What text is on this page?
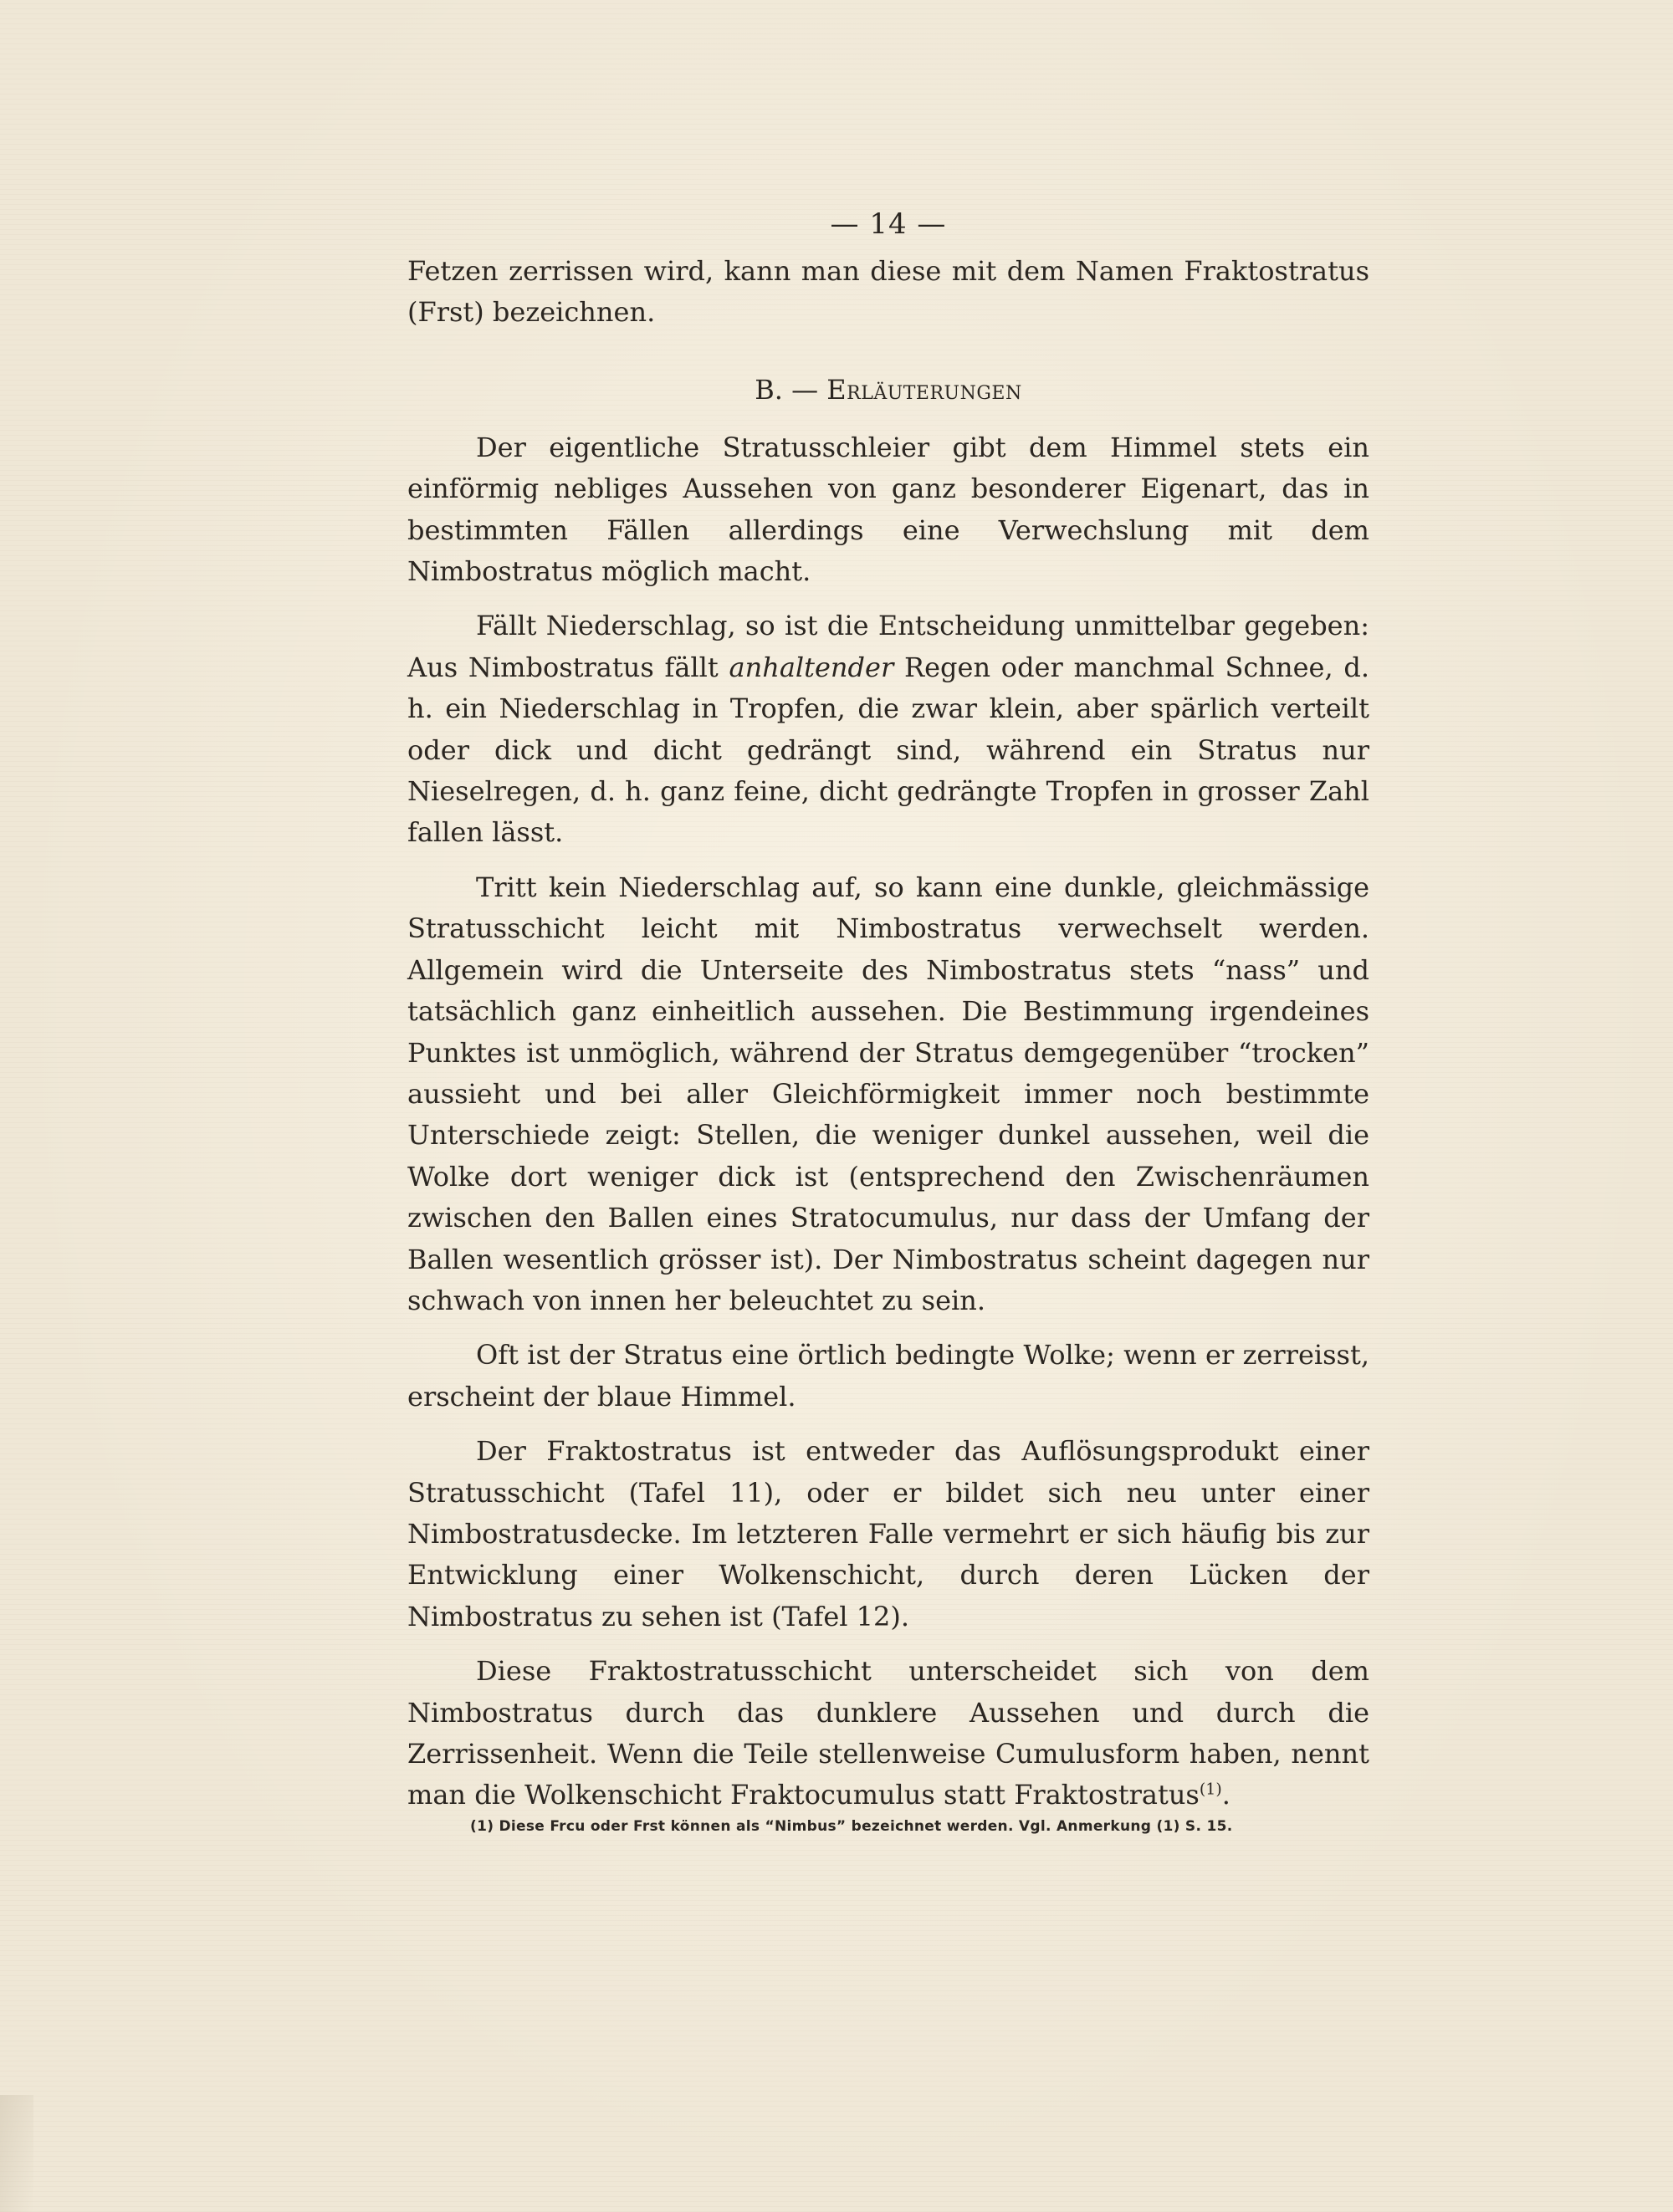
— 14 —

Fetzen zerrissen wird, kann man diese mit dem Namen Fraktostratus (Frst) bezeichnen.

B. — Erläuterungen

Der eigentliche Stratusschleier gibt dem Himmel stets ein einförmig nebliges Aussehen von ganz besonderer Eigenart, das in bestimmten Fällen allerdings eine Verwechslung mit dem Nimbostratus möglich macht.

Fällt Niederschlag, so ist die Entscheidung unmittelbar gegeben: Aus Nimbostratus fällt anhaltender Regen oder manchmal Schnee, d. h. ein Niederschlag in Tropfen, die zwar klein, aber spärlich verteilt oder dick und dicht gedrängt sind, während ein Stratus nur Nieselregen, d. h. ganz feine, dicht gedrängte Tropfen in grosser Zahl fallen lässt.

Tritt kein Niederschlag auf, so kann eine dunkle, gleichmässige Stratusschicht leicht mit Nimbostratus verwechselt werden. Allgemein wird die Unterseite des Nimbostratus stets “nass” und tatsächlich ganz einheitlich aussehen. Die Bestimmung irgendeines Punktes ist unmöglich, während der Stratus demgegenüber “trocken” aussieht und bei aller Gleichförmigkeit immer noch bestimmte Unterschiede zeigt: Stellen, die weniger dunkel aussehen, weil die Wolke dort weniger dick ist (entsprechend den Zwischenräumen zwischen den Ballen eines Stratocumulus, nur dass der Umfang der Ballen wesentlich grösser ist). Der Nimbostratus scheint dagegen nur schwach von innen her beleuchtet zu sein.

Oft ist der Stratus eine örtlich bedingte Wolke; wenn er zerreisst, erscheint der blaue Himmel.

Der Fraktostratus ist entweder das Auflösungsprodukt einer Stratusschicht (Tafel 11), oder er bildet sich neu unter einer Nimbostratusdecke. Im letzteren Falle vermehrt er sich häufig bis zur Entwicklung einer Wolkenschicht, durch deren Lücken der Nimbostratus zu sehen ist (Tafel 12).

Diese Fraktostratusschicht unterscheidet sich von dem Nimbostratus durch das dunklere Aussehen und durch die Zerrissenheit. Wenn die Teile stellenweise Cumulusform haben, nennt man die Wolkenschicht Fraktocumulus statt Fraktostratus$^{(1)}$.

(1) Diese Frcu oder Frst können als “Nimbus” bezeichnet werden. Vgl. Anmerkung (1) S. 15.
